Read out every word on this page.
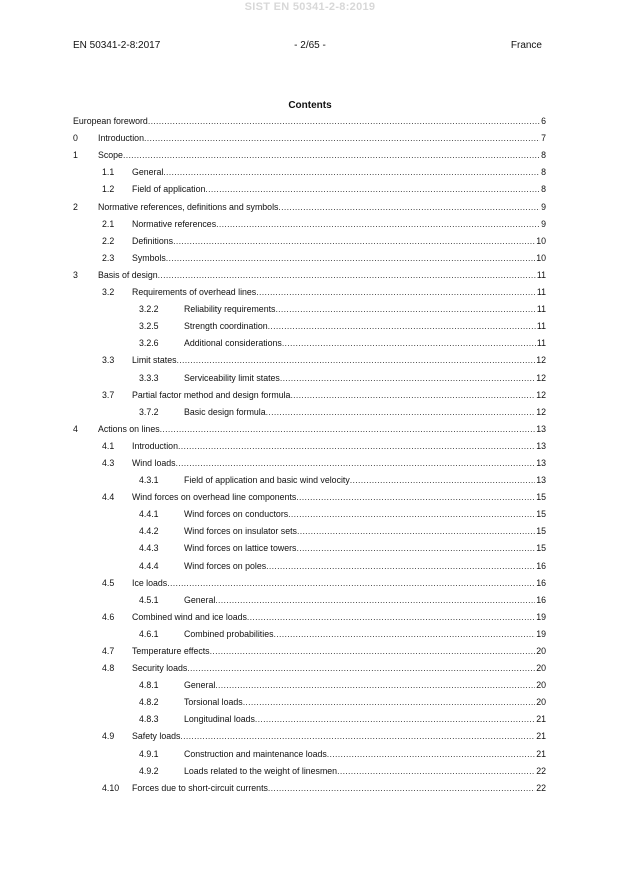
SIST EN 50341-2-8:2019
EN 50341-2-8:2017	- 2/65 -	France
Contents
European foreword .....	6
0 Introduction .....	7
1 Scope .....	8
1.1 General .....	8
1.2 Field of application .....	8
2 Normative references, definitions and symbols .....	9
2.1 Normative references .....	9
2.2 Definitions .....	10
2.3 Symbols .....	10
3 Basis of design .....	11
3.2 Requirements of overhead lines .....	11
3.2.2	Reliability requirements .....	11
3.2.5	Strength coordination .....	11
3.2.6	Additional considerations .....	11
3.3 Limit states .....	12
3.3.3	Serviceability limit states .....	12
3.7 Partial factor method and design formula .....	12
3.7.2	Basic design formula .....	12
4 Actions on lines .....	13
4.1 Introduction .....	13
4.3 Wind loads .....	13
4.3.1	Field of application and basic wind velocity .....	13
4.4 Wind forces on overhead line components .....	15
4.4.1	Wind forces on conductors .....	15
4.4.2	Wind forces on insulator sets .....	15
4.4.3	Wind forces on lattice towers .....	15
4.4.4	Wind forces on poles .....	16
4.5 Ice loads .....	16
4.5.1	General .....	16
4.6 Combined wind and ice loads .....	19
4.6.1	Combined probabilities .....	19
4.7 Temperature effects .....	20
4.8 Security loads .....	20
4.8.1	General .....	20
4.8.2	Torsional loads .....	20
4.8.3	Longitudinal loads .....	21
4.9 Safety loads .....	21
4.9.1	Construction and maintenance loads .....	21
4.9.2	Loads related to the weight of linesmen .....	22
4.10 Forces due to short-circuit currents .....	22
